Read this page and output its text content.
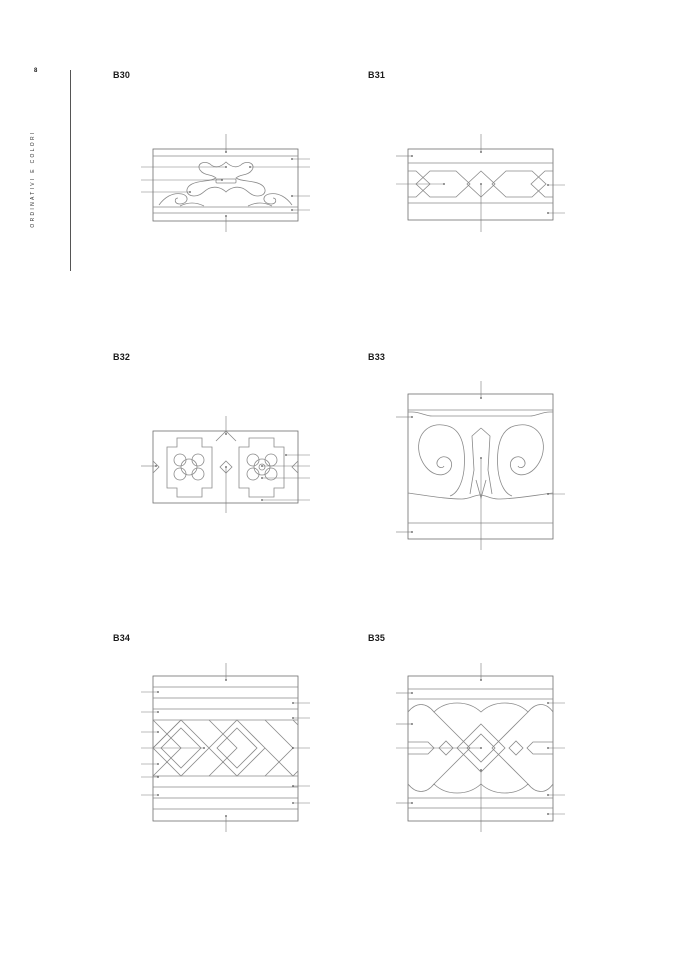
8
ORDINATIVI E COLORI
B30	B31
B32	B33
B34	B35
